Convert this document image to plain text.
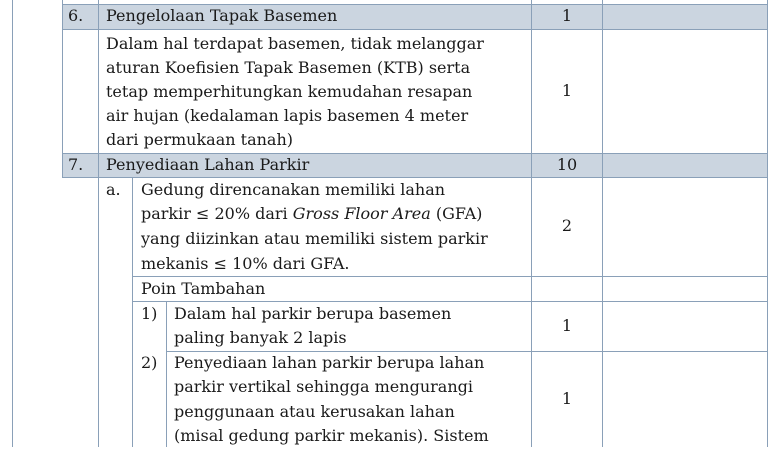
6. Pengelolaan Tapak Basemen	1
Dalam hal terdapat basemen, tidak melanggar
aturan Koefisien Tapak Basemen (KTB) serta
tetap memperhitungkan kemudahan resapan
air hujan (kedalaman lapis basemen 4 meter
dari permukaan tanah)
1
7. Penyediaan Lahan Parkir	10
a. Gedung direncanakan memiliki lahan
parkir ≤ 20% dari Gross Floor Area (GFA)
yang diizinkan atau memiliki sistem parkir
mekanis ≤ 10% dari GFA.
2
Poin Tambahan
1) Dalam hal parkir berupa basemen
paling banyak 2 lapis
1
2) Penyediaan lahan parkir berupa lahan
parkir vertikal sehingga mengurangi
penggunaan atau kerusakan lahan
(misal gedung parkir mekanis). Sistem
1
